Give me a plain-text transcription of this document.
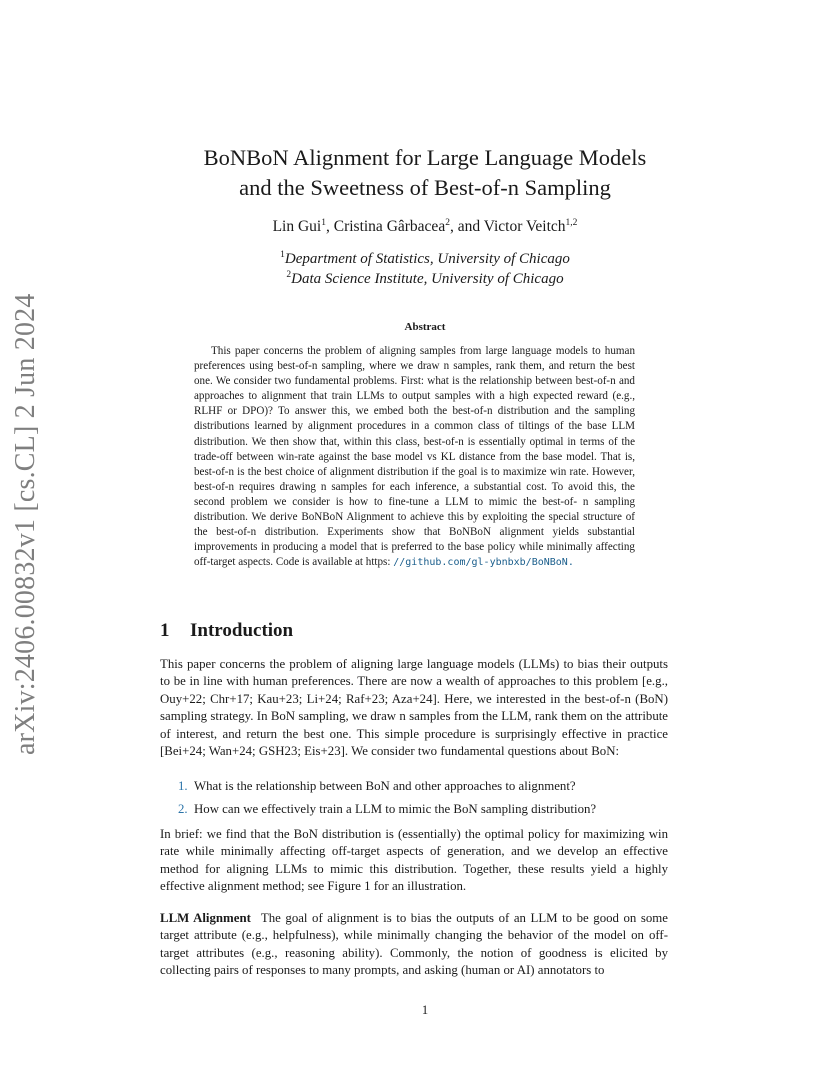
arXiv:2406.00832v1 [cs.CL] 2 Jun 2024
BoNBoN Alignment for Large Language Models
and the Sweetness of Best-of-n Sampling
Lin Gui$^1$, Cristina Gârbacea$^2$, and Victor Veitch$^{1,2}$
$^1$Department of Statistics, University of Chicago
$^2$Data Science Institute, University of Chicago
Abstract
This paper concerns the problem of aligning samples from large language models to human preferences using best-of-n sampling, where we draw n samples, rank them, and return the best one. We consider two fundamental problems. First: what is the relationship between best-of-n and approaches to alignment that train LLMs to output samples with a high expected reward (e.g., RLHF or DPO)? To answer this, we embed both the best-of-n distribution and the sampling distributions learned by alignment procedures in a common class of tiltings of the base LLM distribution. We then show that, within this class, best-of-n is essentially optimal in terms of the trade-off between win-rate against the base model vs KL distance from the base model. That is, best-of-n is the best choice of alignment distribution if the goal is to maximize win rate. However, best-of-n requires drawing n samples for each inference, a substantial cost. To avoid this, the second problem we consider is how to fine-tune a LLM to mimic the best-of- n sampling distribution. We derive BoNBoN Alignment to achieve this by exploiting the special structure of the best-of-n distribution. Experiments show that BoNBoN alignment yields substantial improvements in producing a model that is preferred to the base policy while minimally affecting off-target aspects. Code is available at https: //github.com/gl-ybnbxb/BoNBoN.
1 Introduction
This paper concerns the problem of aligning large language models (LLMs) to bias their outputs to be in line with human preferences. There are now a wealth of approaches to this problem [e.g., Ouy+22; Chr+17; Kau+23; Li+24; Raf+23; Aza+24]. Here, we interested in the best-of-n (BoN) sampling strategy. In BoN sampling, we draw n samples from the LLM, rank them on the attribute of interest, and return the best one. This simple procedure is surprisingly effective in practice [Bei+24; Wan+24; GSH23; Eis+23]. We consider two fundamental questions about BoN:
1. What is the relationship between BoN and other approaches to alignment?
2. How can we effectively train a LLM to mimic the BoN sampling distribution?
In brief: we find that the BoN distribution is (essentially) the optimal policy for maximizing win rate while minimally affecting off-target aspects of generation, and we develop an effective method for aligning LLMs to mimic this distribution. Together, these results yield a highly effective alignment method; see Figure 1 for an illustration.
LLM Alignment The goal of alignment is to bias the outputs of an LLM to be good on some target attribute (e.g., helpfulness), while minimally changing the behavior of the model on off-target attributes (e.g., reasoning ability). Commonly, the notion of goodness is elicited by collecting pairs of responses to many prompts, and asking (human or AI) annotators to
1
